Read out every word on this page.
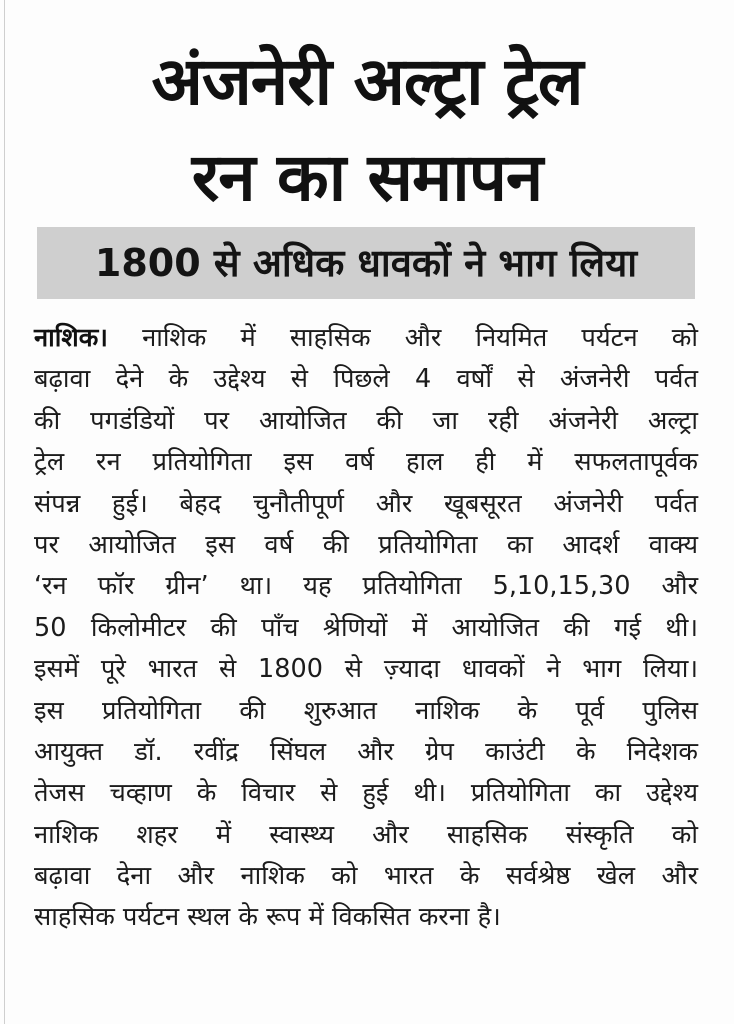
अंजनेरी अल्ट्रा ट्रेल
रन का समापन
1800 से अधिक धावकों ने भाग लिया
नाशिक। नाशिक में साहसिक और नियमित पर्यटन को
बढ़ावा देने के उद्देश्य से पिछले 4 वर्षों से अंजनेरी पर्वत
की पगडंडियों पर आयोजित की जा रही अंजनेरी अल्ट्रा
ट्रेल रन प्रतियोगिता इस वर्ष हाल ही में सफलतापूर्वक
संपन्न हुई। बेहद चुनौतीपूर्ण और खूबसूरत अंजनेरी पर्वत
पर आयोजित इस वर्ष की प्रतियोगिता का आदर्श वाक्य
‘रन फॉर ग्रीन’ था। यह प्रतियोगिता 5,10,15,30 और
50 किलोमीटर की पाँच श्रेणियों में आयोजित की गई थी।
इसमें पूरे भारत से 1800 से ज़्यादा धावकों ने भाग लिया।
इस प्रतियोगिता की शुरुआत नाशिक के पूर्व पुलिस
आयुक्त डॉ. रवींद्र सिंघल और ग्रेप काउंटी के निदेशक
तेजस चव्हाण के विचार से हुई थी। प्रतियोगिता का उद्देश्य
नाशिक शहर में स्वास्थ्य और साहसिक संस्कृति को
बढ़ावा देना और नाशिक को भारत के सर्वश्रेष्ठ खेल और
साहसिक पर्यटन स्थल के रूप में विकसित करना है।
